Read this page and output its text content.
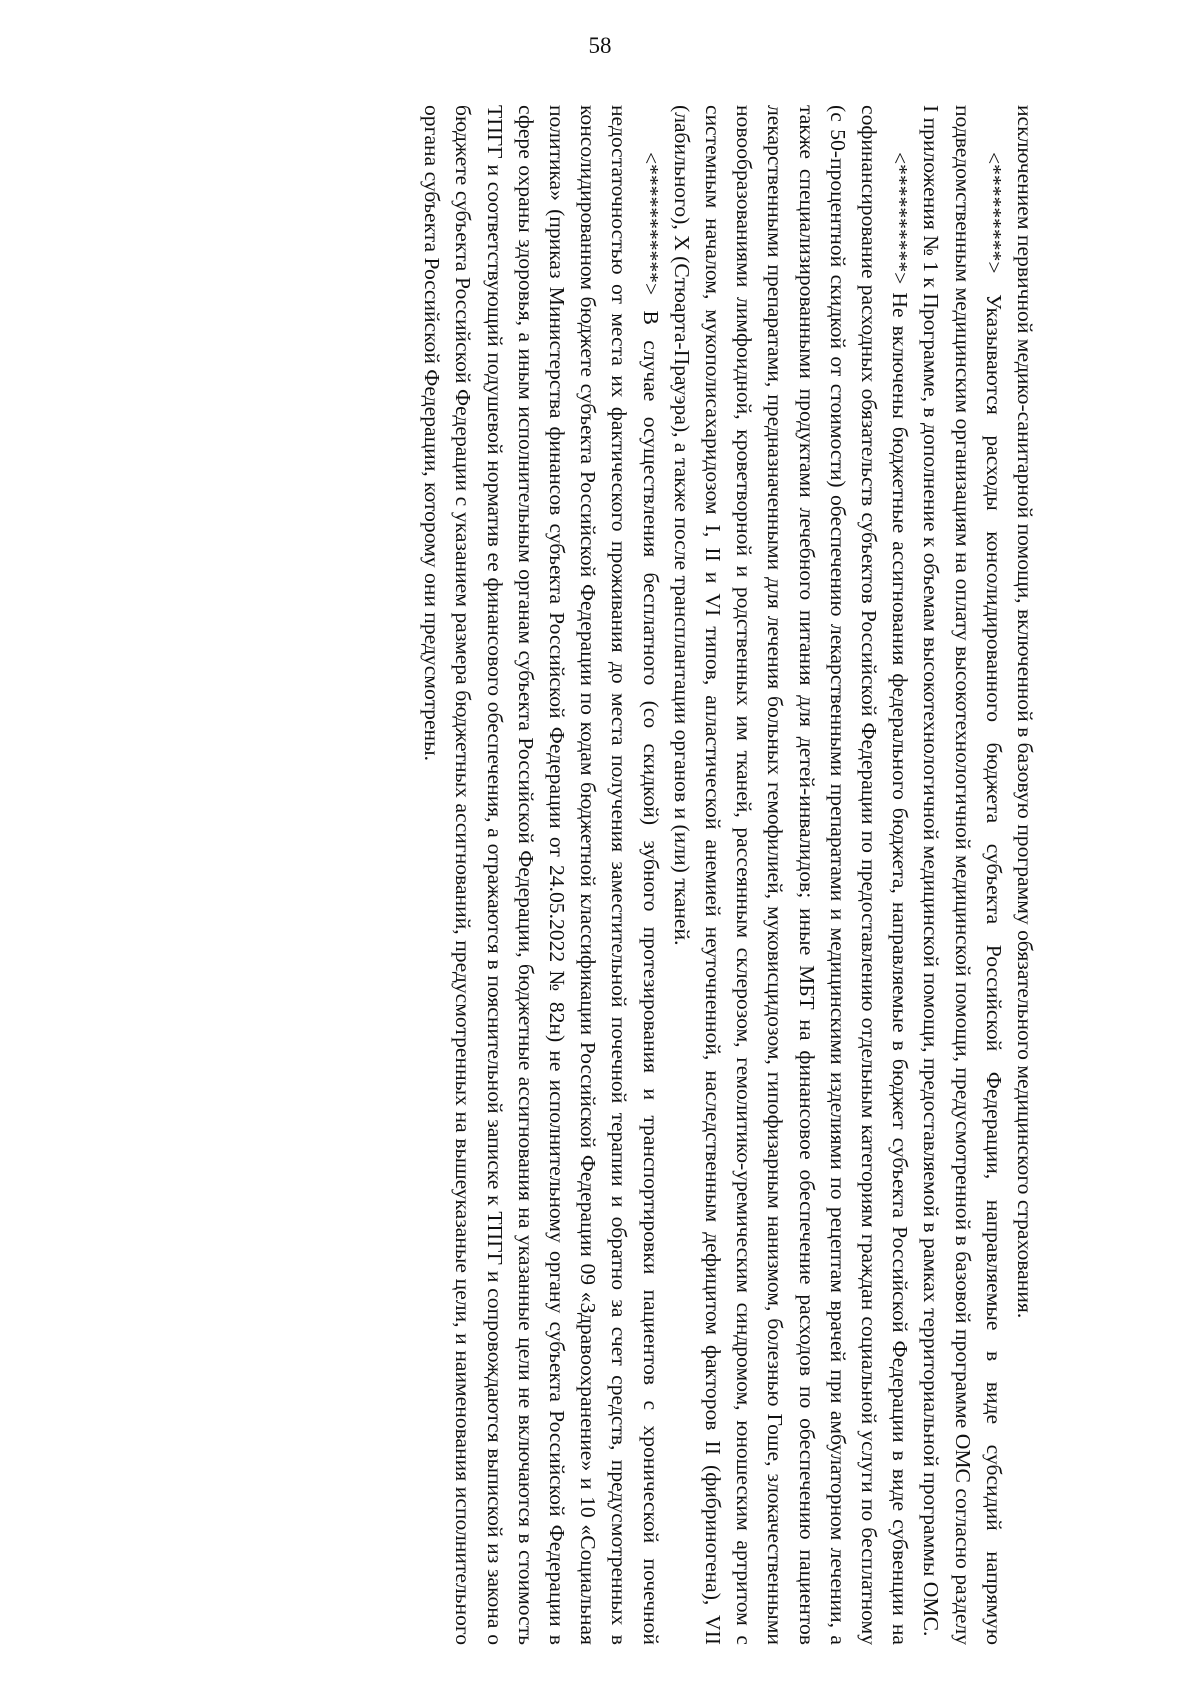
58

исключением первичной медико-санитарной помощи, включенной в базовую программу обязательного медицинского страхования.

<*********> Указываются расходы консолидированного бюджета субъекта Российской Федерации, направляемые в виде субсидий напрямую подведомственным медицинским организациям на оплату высокотехнологичной медицинской помощи, предусмотренной в базовой программе ОМС согласно разделу I приложения № 1 к Программе, в дополнение к объемам высокотехнологичной медицинской помощи, предоставляемой в рамках территориальной программы ОМС.

<**********> Не включены бюджетные ассигнования федерального бюджета, направляемые в бюджет субъекта Российской Федерации в виде субвенции на софинансирование расходных обязательств субъектов Российской Федерации по предоставлению отдельным категориям граждан социальной услуги по бесплатному (с 50-процентной скидкой от стоимости) обеспечению лекарственными препаратами и медицинскими изделиями по рецептам врачей при амбулаторном лечении, а также специализированными продуктами лечебного питания для детей-инвалидов; иные МБТ на финансовое обеспечение расходов по обеспечению пациентов лекарственными препаратами, предназначенными для лечения больных гемофилией, муковисцидозом, гипофизарным нанизмом, болезнью Гоше, злокачественными новообразованиями лимфоидной, кроветворной и родственных им тканей, рассеянным склерозом, гемолитико-уремическим синдромом, юношеским артритом с системным началом, мукополисахаридозом I, II и VI типов, апластической анемией неуточненной, наследственным дефицитом факторов II (фибриногена), VII (лабильного), X (Стюарта-Прауэра), а также после трансплантации органов и (или) тканей.

<***********> В случае осуществления бесплатного (со скидкой) зубного протезирования и транспортировки пациентов с хронической почечной недостаточностью от места их фактического проживания до места получения заместительной почечной терапии и обратно за счет средств, предусмотренных в консолидированном бюджете субъекта Российской Федерации по кодам бюджетной классификации Российской Федерации 09 «Здравоохранение» и 10 «Социальная политика» (приказ Министерства финансов субъекта Российской Федерации от 24.05.2022 № 82н) не исполнительному органу субъекта Российской Федерации в сфере охраны здоровья, а иным исполнительным органам субъекта Российской Федерации, бюджетные ассигнования на указанные цели не включаются в стоимость ТПГГ и соответствующий подушевой норматив ее финансового обеспечения, а отражаются в пояснительной записке к ТПГГ и сопровождаются выпиской из закона о бюджете субъекта Российской Федерации с указанием размера бюджетных ассигнований, предусмотренных на вышеуказаные цели, и наименования исполнительного органа субъекта Российской Федерации, которому они предусмотрены.
